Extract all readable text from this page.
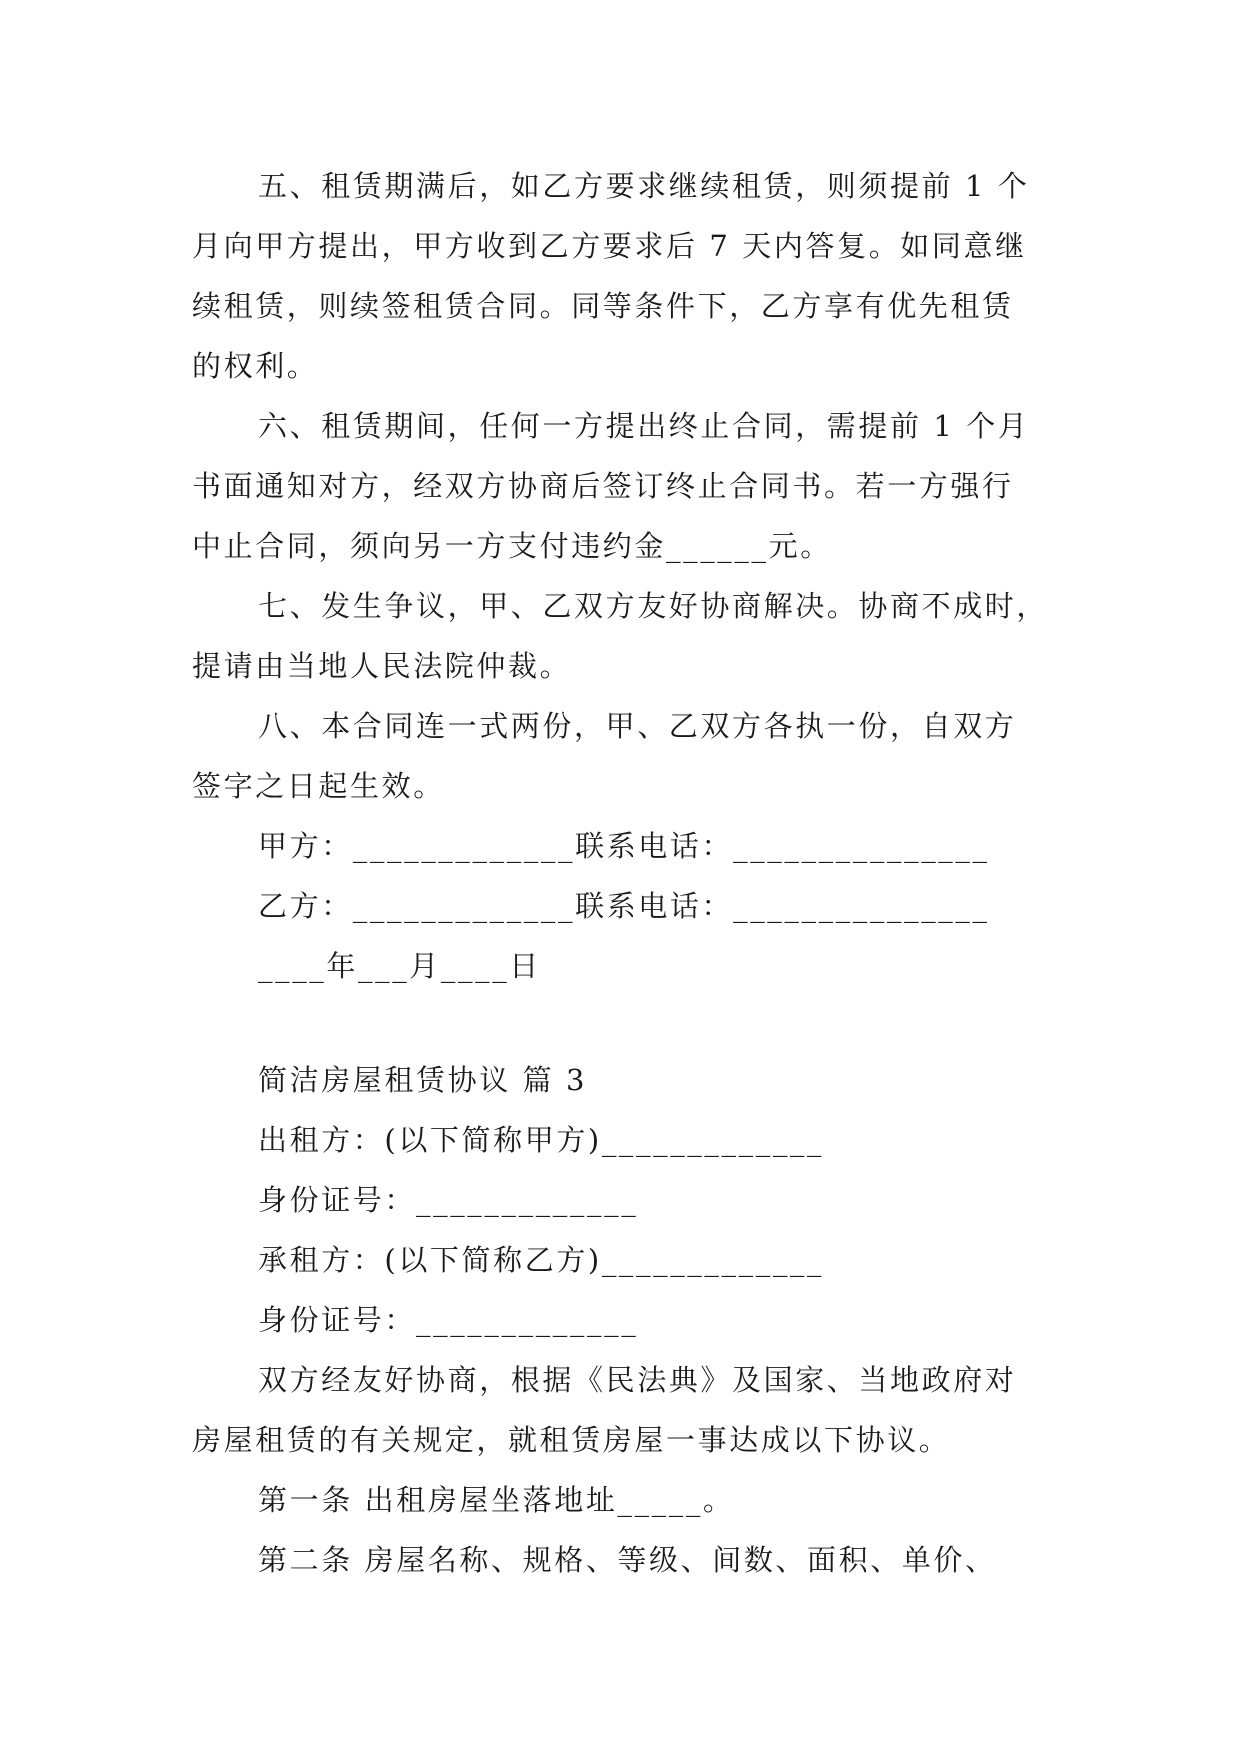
五、租赁期满后，如乙方要求继续租赁，则须提前 1 个
月向甲方提出，甲方收到乙方要求后 7 天内答复。如同意继
续租赁，则续签租赁合同。同等条件下，乙方享有优先租赁
的权利。
六、租赁期间，任何一方提出终止合同，需提前 1 个月
书面通知对方，经双方协商后签订终止合同书。若一方强行
中止合同，须向另一方支付违约金______元。
七、发生争议，甲、乙双方友好协商解决。协商不成时，
提请由当地人民法院仲裁。
八、本合同连一式两份，甲、乙双方各执一份，自双方
签字之日起生效。
甲方：_____________联系电话：_______________
乙方：_____________联系电话：_______________
____年___月____日
简洁房屋租赁协议 篇 3
出租方：(以下简称甲方)_____________
身份证号：_____________
承租方：(以下简称乙方)_____________
身份证号：_____________
双方经友好协商，根据《民法典》及国家、当地政府对
房屋租赁的有关规定，就租赁房屋一事达成以下协议。
第一条 出租房屋坐落地址_____。
第二条 房屋名称、规格、等级、间数、面积、单价、
